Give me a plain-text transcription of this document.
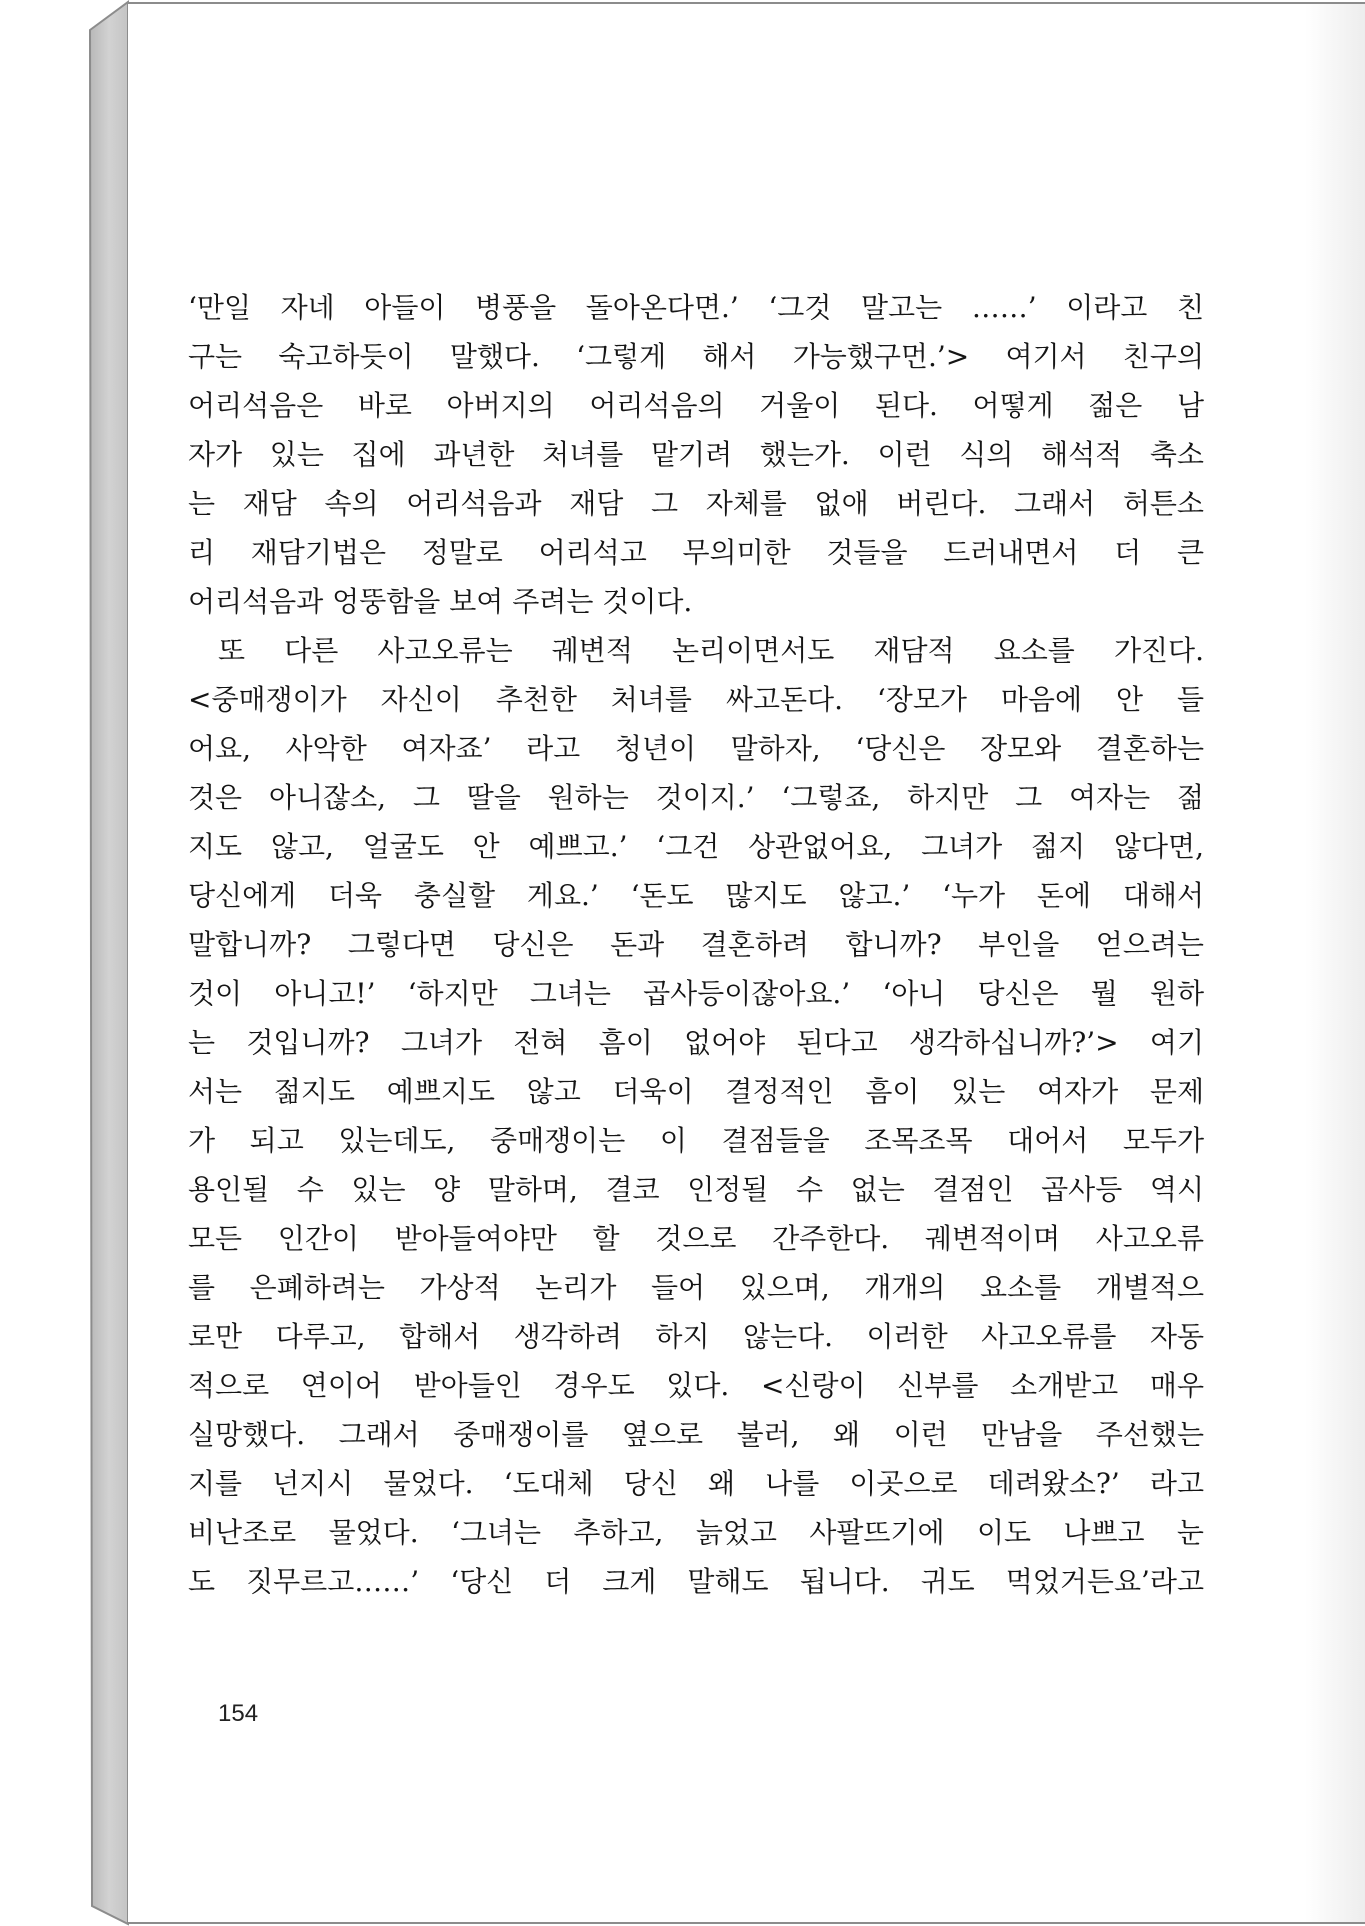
‘만일 자네 아들이 병풍을 돌아온다면.’ ‘그것 말고는 ……’ 이라고 친
구는 숙고하듯이 말했다. ‘그렇게 해서 가능했구먼.’> 여기서 친구의
어리석음은 바로 아버지의 어리석음의 거울이 된다. 어떻게 젊은 남
자가 있는 집에 과년한 처녀를 맡기려 했는가. 이런 식의 해석적 축소
는 재담 속의 어리석음과 재담 그 자체를 없애 버린다. 그래서 허튼소
리 재담기법은 정말로 어리석고 무의미한 것들을 드러내면서 더 큰
어리석음과 엉뚱함을 보여 주려는 것이다.
또 다른 사고오류는 궤변적 논리이면서도 재담적 요소를 가진다.
<중매쟁이가 자신이 추천한 처녀를 싸고돈다. ‘장모가 마음에 안 들
어요, 사악한 여자죠’ 라고 청년이 말하자, ‘당신은 장모와 결혼하는
것은 아니잖소, 그 딸을 원하는 것이지.’ ‘그렇죠, 하지만 그 여자는 젊
지도 않고, 얼굴도 안 예쁘고.’ ‘그건 상관없어요, 그녀가 젊지 않다면,
당신에게 더욱 충실할 게요.’ ‘돈도 많지도 않고.’ ‘누가 돈에 대해서
말합니까? 그렇다면 당신은 돈과 결혼하려 합니까? 부인을 얻으려는
것이 아니고!’ ‘하지만 그녀는 곱사등이잖아요.’ ‘아니 당신은 뭘 원하
는 것입니까? 그녀가 전혀 흠이 없어야 된다고 생각하십니까?’> 여기
서는 젊지도 예쁘지도 않고 더욱이 결정적인 흠이 있는 여자가 문제
가 되고 있는데도, 중매쟁이는 이 결점들을 조목조목 대어서 모두가
용인될 수 있는 양 말하며, 결코 인정될 수 없는 결점인 곱사등 역시
모든 인간이 받아들여야만 할 것으로 간주한다. 궤변적이며 사고오류
를 은폐하려는 가상적 논리가 들어 있으며, 개개의 요소를 개별적으
로만 다루고, 합해서 생각하려 하지 않는다. 이러한 사고오류를 자동
적으로 연이어 받아들인 경우도 있다. <신랑이 신부를 소개받고 매우
실망했다. 그래서 중매쟁이를 옆으로 불러, 왜 이런 만남을 주선했는
지를 넌지시 물었다. ‘도대체 당신 왜 나를 이곳으로 데려왔소?’ 라고
비난조로 물었다. ‘그녀는 추하고, 늙었고 사팔뜨기에 이도 나쁘고 눈
도 짓무르고……’ ‘당신 더 크게 말해도 됩니다. 귀도 먹었거든요’라고
154
